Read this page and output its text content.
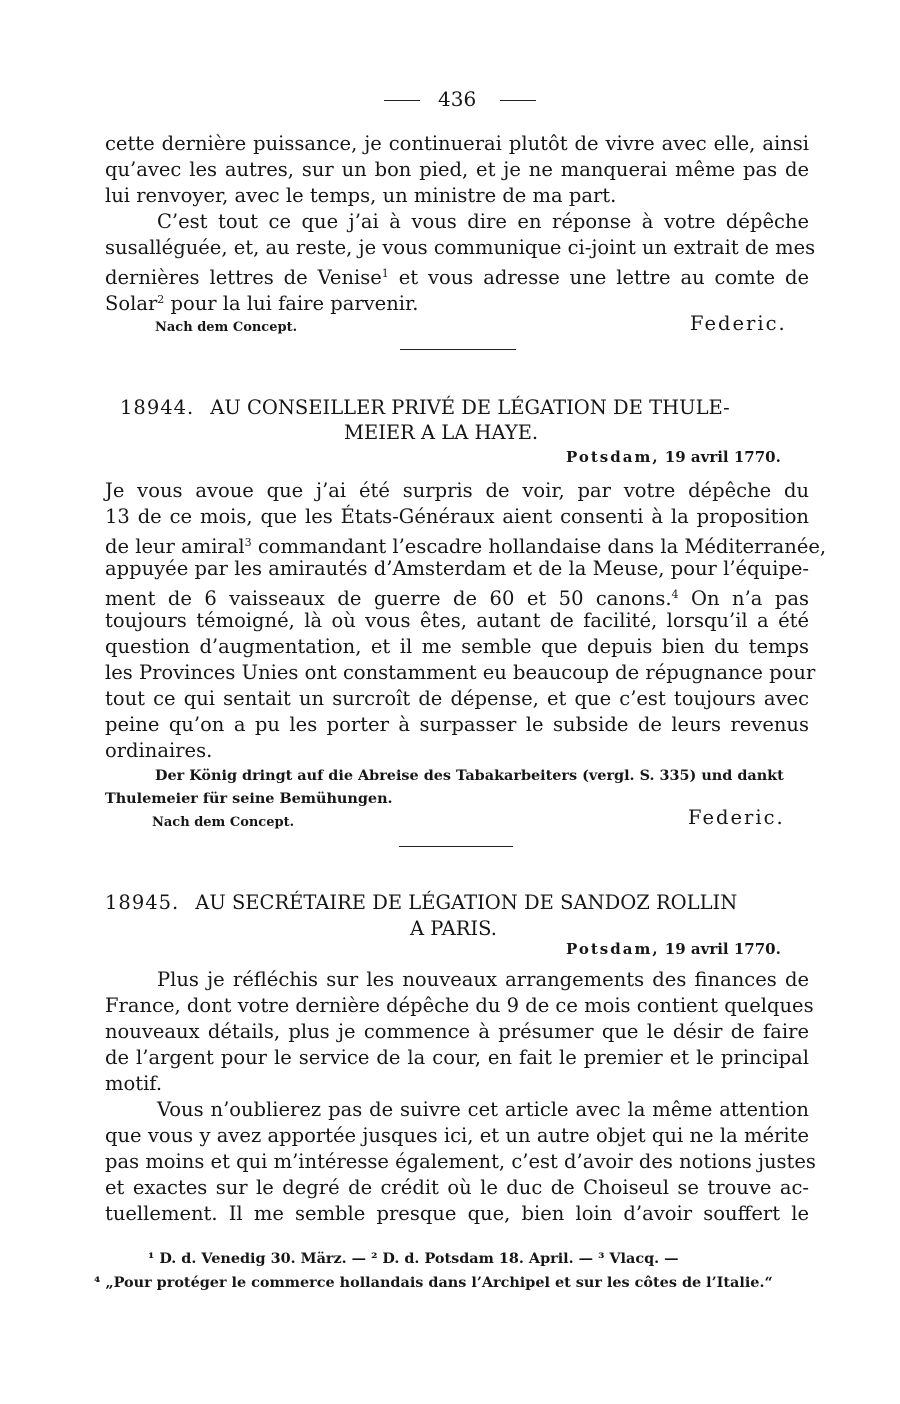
436
cette dernière puissance, je continuerai plutôt de vivre avec elle, ainsi
qu’avec les autres, sur un bon pied, et je ne manquerai même pas de
lui renvoyer, avec le temps, un ministre de ma part.
C’est tout ce que j’ai à vous dire en réponse à votre dépêche
susalléguée, et, au reste, je vous communique ci-joint un extrait de mes
dernières lettres de Venise$^1$ et vous adresse une lettre au comte de
Solar$^2$ pour la lui faire parvenir.
Nach dem Concept.	Federic.
18944. AU CONSEILLER PRIVÉ DE LÉGATION DE THULE-
MEIER A LA HAYE.
Potsdam, 19 avril 1770.
Je vous avoue que j’ai été surpris de voir, par votre dépêche du
13 de ce mois, que les États-Généraux aient consenti à la proposition
de leur amiral$^3$ commandant l’escadre hollandaise dans la Méditerranée,
appuyée par les amirautés d’Amsterdam et de la Meuse, pour l’équipe-
ment de 6 vaisseaux de guerre de 60 et 50 canons.$^4$ On n’a pas
toujours témoigné, là où vous êtes, autant de facilité, lorsqu’il a été
question d’augmentation, et il me semble que depuis bien du temps
les Provinces Unies ont constamment eu beaucoup de répugnance pour
tout ce qui sentait un surcroît de dépense, et que c’est toujours avec
peine qu’on a pu les porter à surpasser le subside de leurs revenus
ordinaires.
Der König dringt auf die Abreise des Tabakarbeiters (vergl. S. 335) und dankt
Thulemeier für seine Bemühungen.
Nach dem Concept.	Federic.
18945. AU SECRÉTAIRE DE LÉGATION DE SANDOZ ROLLIN
A PARIS.
Potsdam, 19 avril 1770.
Plus je réfléchis sur les nouveaux arrangements des finances de
France, dont votre dernière dépêche du 9 de ce mois contient quelques
nouveaux détails, plus je commence à présumer que le désir de faire
de l’argent pour le service de la cour, en fait le premier et le principal
motif.
Vous n’oublierez pas de suivre cet article avec la même attention
que vous y avez apportée jusques ici, et un autre objet qui ne la mérite
pas moins et qui m’intéresse également, c’est d’avoir des notions justes
et exactes sur le degré de crédit où le duc de Choiseul se trouve ac-
tuellement. Il me semble presque que, bien loin d’avoir souffert le
¹ D. d. Venedig 30. März. — ² D. d. Potsdam 18. April. — ³ Vlacq. —
⁴ „Pour protéger le commerce hollandais dans l’Archipel et sur les côtes de l’Italie.“
